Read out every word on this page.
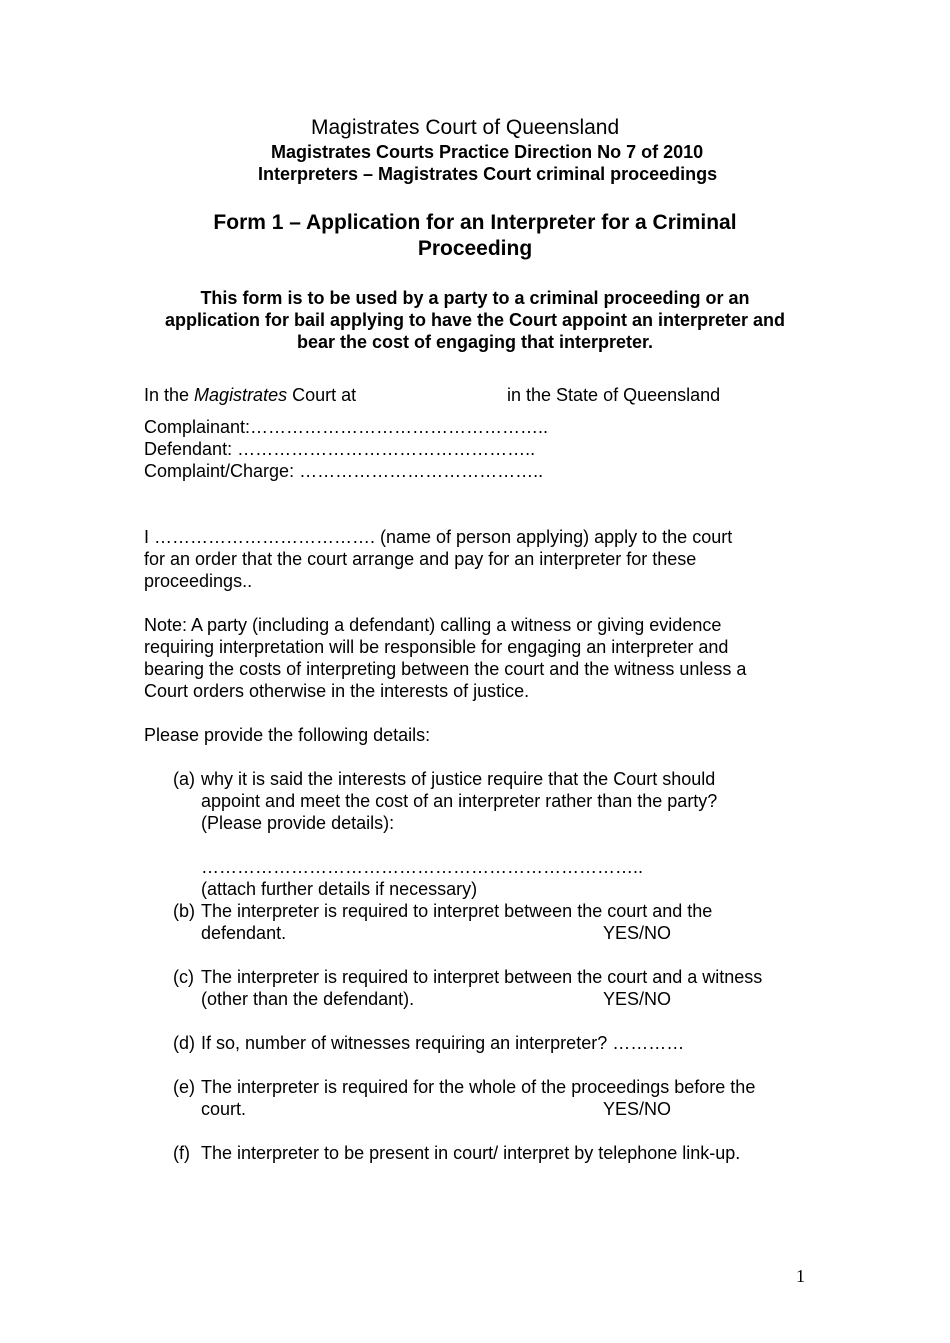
Magistrates Court of Queensland
Magistrates Courts Practice Direction No 7 of 2010
Interpreters – Magistrates Court criminal proceedings
Form 1 – Application for an Interpreter for a Criminal
Proceeding
This form is to be used by a party to a criminal proceeding or an
application for bail applying to have the Court appoint an interpreter and
bear the cost of engaging that interpreter.
In the Magistrates Court at	in the State of Queensland
Complainant:…………………………………………..
Defendant: …………………………………………..
Complaint/Charge: …………………………………..
I ………………………………. (name of person applying) apply to the court
for an order that the court arrange and pay for an interpreter for these
proceedings..
Note: A party (including a defendant) calling a witness or giving evidence
requiring interpretation will be responsible for engaging an interpreter and
bearing the costs of interpreting between the court and the witness unless a
Court orders otherwise in the interests of justice.
Please provide the following details:
(a) why it is said the interests of justice require that the Court should
appoint and meet the cost of an interpreter rather than the party?
(Please provide details):
………………………………………………………………..
(attach further details if necessary)
(b) The interpreter is required to interpret between the court and the
defendant.	YES/NO
(c) The interpreter is required to interpret between the court and a witness
(other than the defendant).	YES/NO
(d) If so, number of witnesses requiring an interpreter? …………
(e) The interpreter is required for the whole of the proceedings before the
court.	YES/NO
(f) The interpreter to be present in court/ interpret by telephone link-up.
1
